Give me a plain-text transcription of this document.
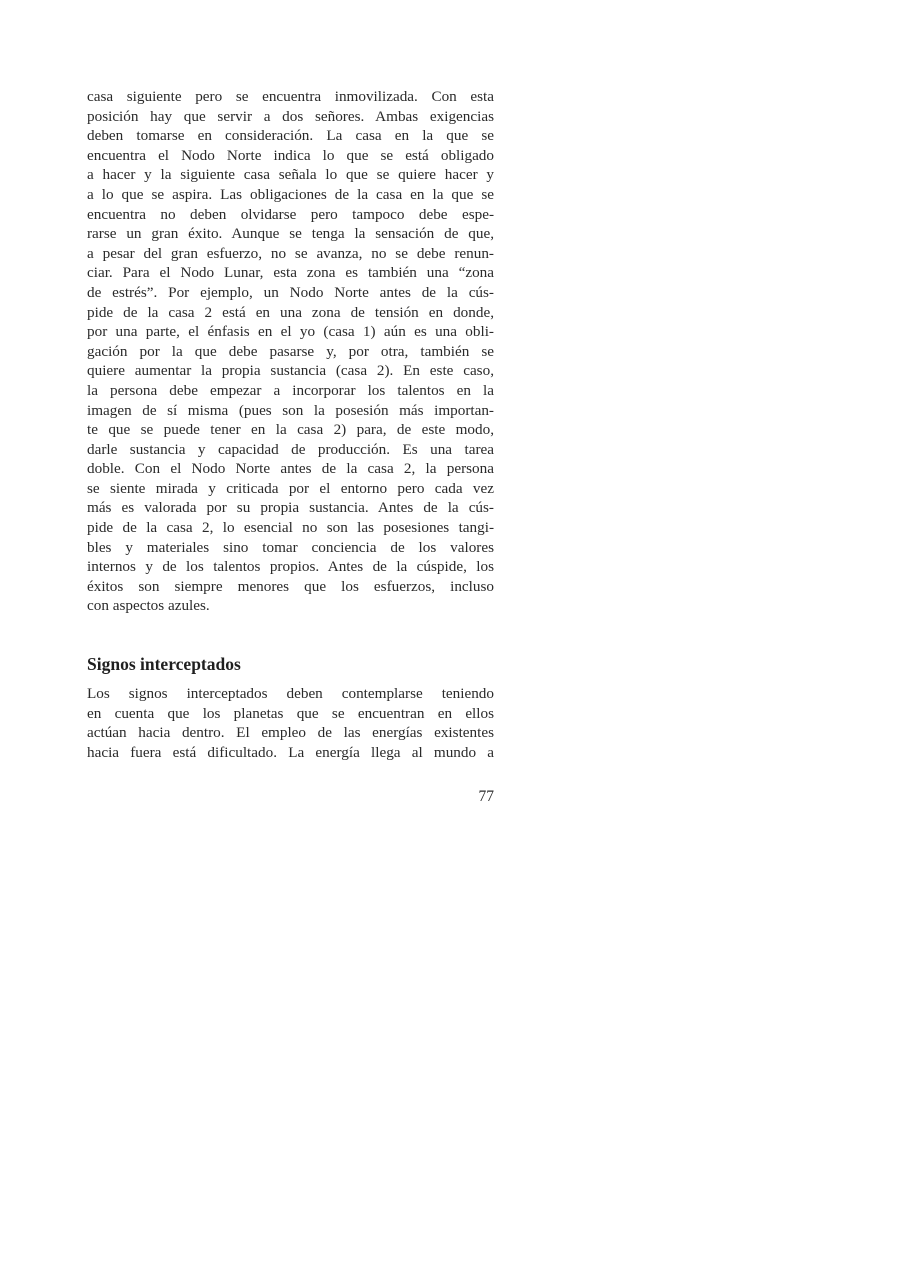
casa siguiente pero se encuentra inmovilizada. Con esta
posición hay que servir a dos señores. Ambas exigencias
deben tomarse en consideración. La casa en la que se
encuentra el Nodo Norte indica lo que se está obligado
a hacer y la siguiente casa señala lo que se quiere hacer y
a lo que se aspira. Las obligaciones de la casa en la que se
encuentra no deben olvidarse pero tampoco debe espe-
rarse un gran éxito. Aunque se tenga la sensación de que,
a pesar del gran esfuerzo, no se avanza, no se debe renun-
ciar. Para el Nodo Lunar, esta zona es también una “zona
de estrés”. Por ejemplo, un Nodo Norte antes de la cús-
pide de la casa 2 está en una zona de tensión en donde,
por una parte, el énfasis en el yo (casa 1) aún es una obli-
gación por la que debe pasarse y, por otra, también se
quiere aumentar la propia sustancia (casa 2). En este caso,
la persona debe empezar a incorporar los talentos en la
imagen de sí misma (pues son la posesión más importan-
te que se puede tener en la casa 2) para, de este modo,
darle sustancia y capacidad de producción. Es una tarea
doble. Con el Nodo Norte antes de la casa 2, la persona
se siente mirada y criticada por el entorno pero cada vez
más es valorada por su propia sustancia. Antes de la cús-
pide de la casa 2, lo esencial no son las posesiones tangi-
bles y materiales sino tomar conciencia de los valores
internos y de los talentos propios. Antes de la cúspide, los
éxitos son siempre menores que los esfuerzos, incluso
con aspectos azules.
Signos interceptados
Los signos interceptados deben contemplarse teniendo
en cuenta que los planetas que se encuentran en ellos
actúan hacia dentro. El empleo de las energías existentes
hacia fuera está dificultado. La energía llega al mundo a
77
